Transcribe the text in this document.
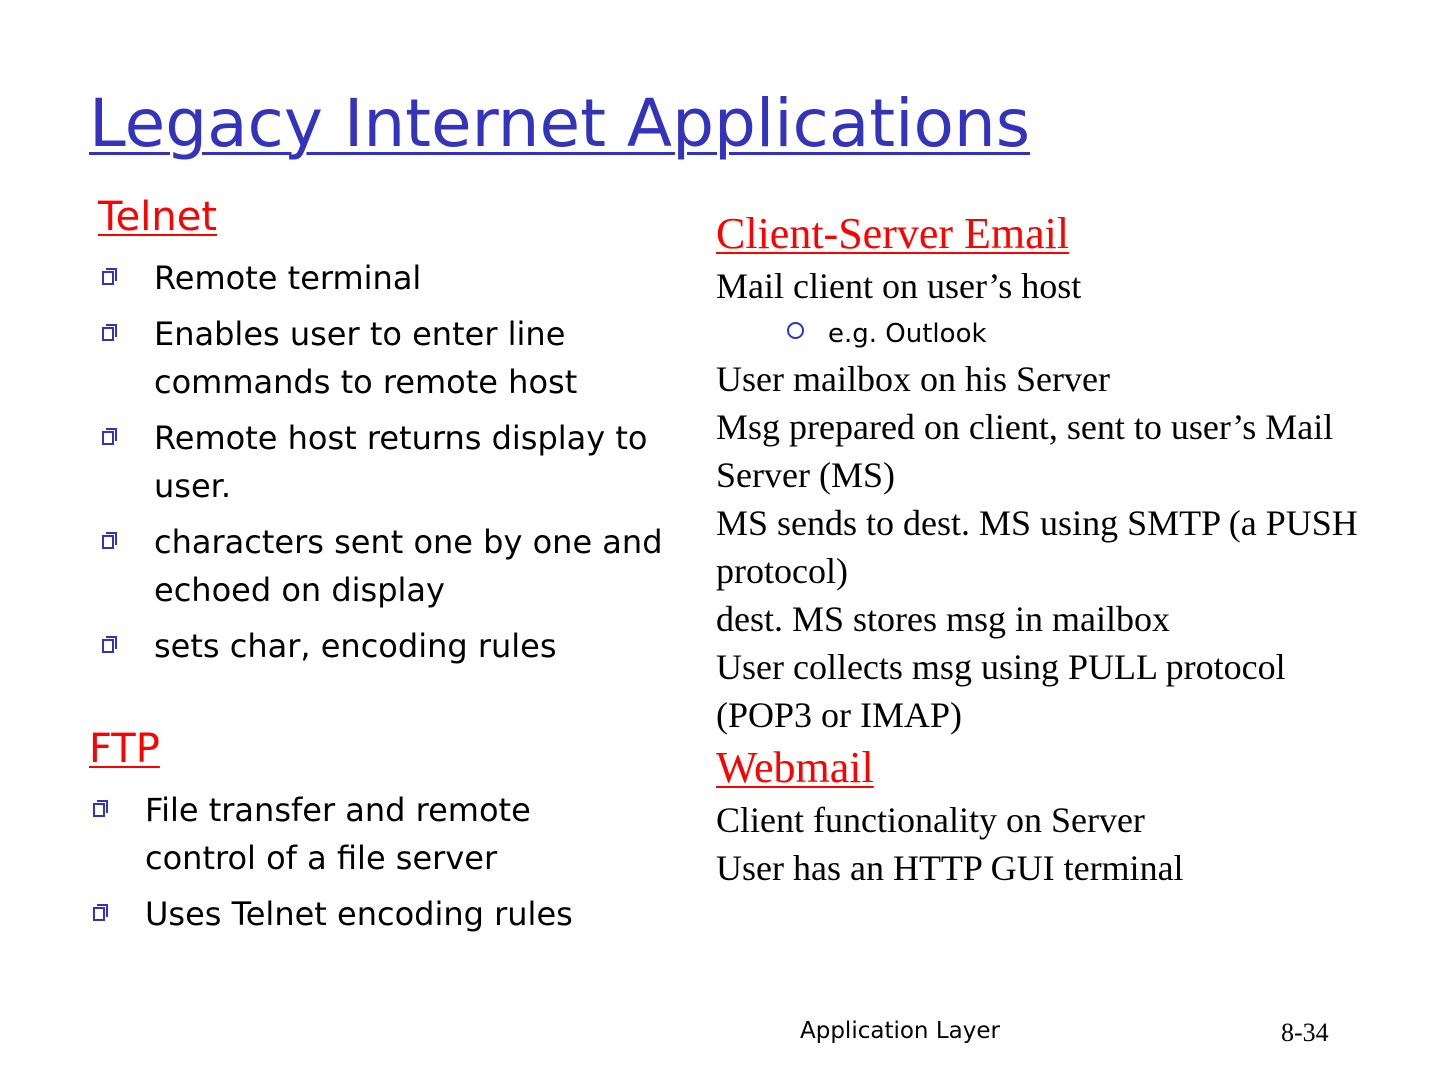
Legacy Internet Applications
Telnet
Remote terminal
Enables user to enter line commands to remote host
Remote host returns display to user.
characters sent one by one and echoed on display
sets char, encoding rules
FTP
File transfer and remote control of a file server
Uses Telnet encoding rules
Client-Server Email

Mail client on user’s host

e.g. Outlook

User mailbox on his Server

Msg prepared on client, sent to user’s Mail Server (MS)

MS sends to dest. MS using SMTP (a PUSH protocol)

dest. MS stores msg in mailbox

User collects msg using PULL protocol (POP3 or IMAP)

Webmail

Client functionality on Server

User has an HTTP GUI terminal

Application Layer	8-34
